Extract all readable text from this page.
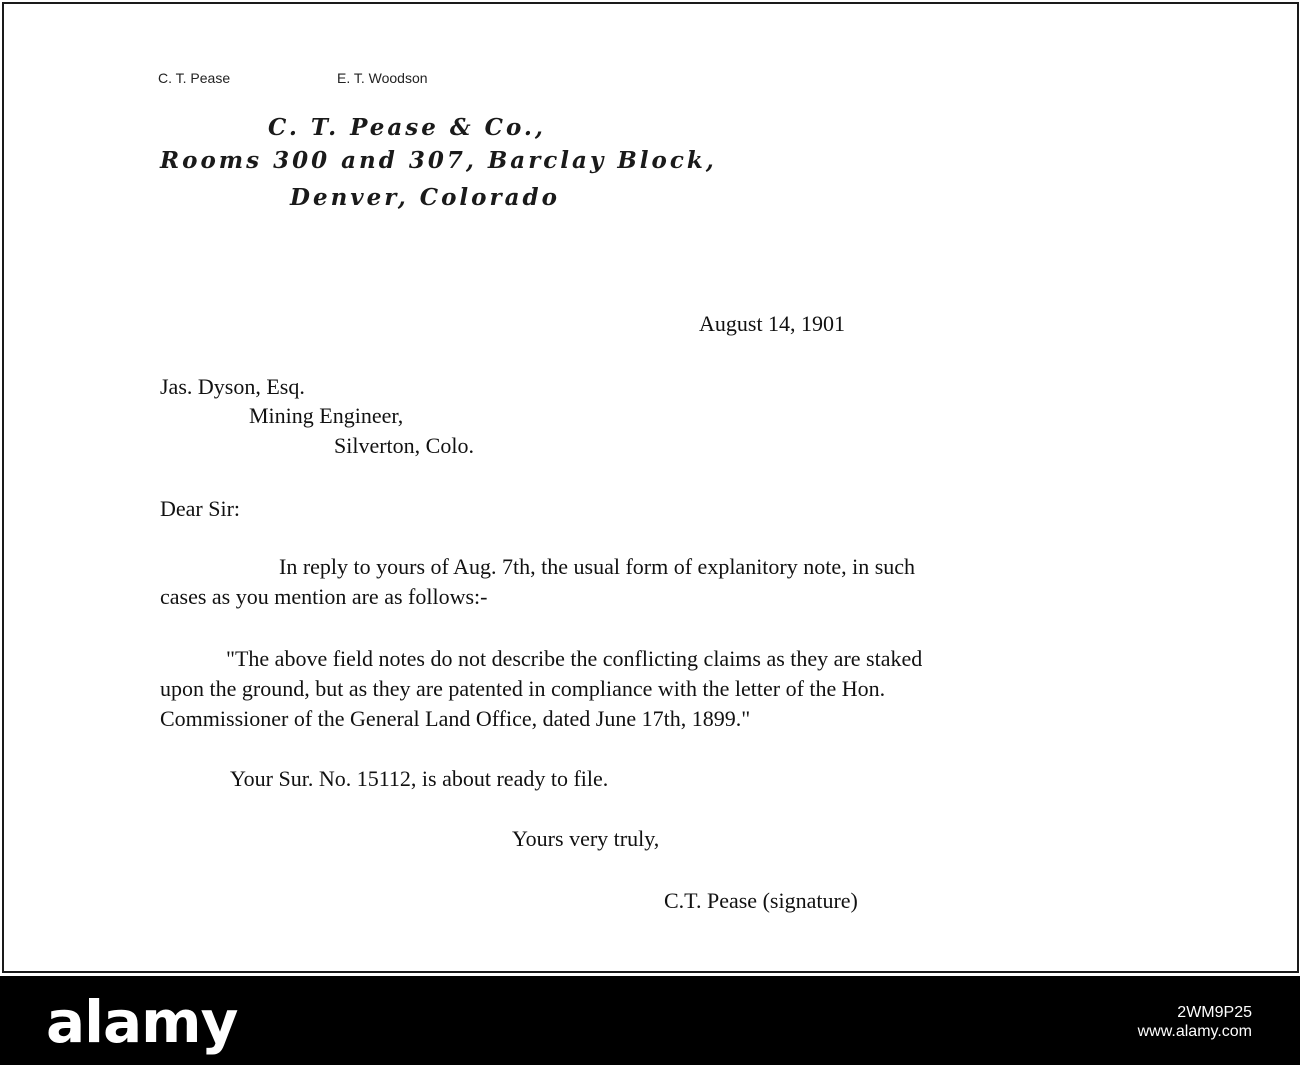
C. T. Pease	E. T. Woodson
C. T. Pease & Co.,
Rooms 300 and 307, Barclay Block,
Denver, Colorado
August 14, 1901
Jas. Dyson, Esq.
Mining Engineer,
Silverton, Colo.
Dear Sir:
In reply to yours of Aug. 7th, the usual form of explanitory note, in such
cases as you mention are as follows:-
"The above field notes do not describe the conflicting claims as they are staked
upon the ground, but as they are patented in compliance with the letter of the Hon.
Commissioner of the General Land Office, dated June 17th, 1899."
Your Sur. No. 15112, is about ready to file.
Yours very truly,
C.T. Pease (signature)
alamy	2WM9P25
www.alamy.com
